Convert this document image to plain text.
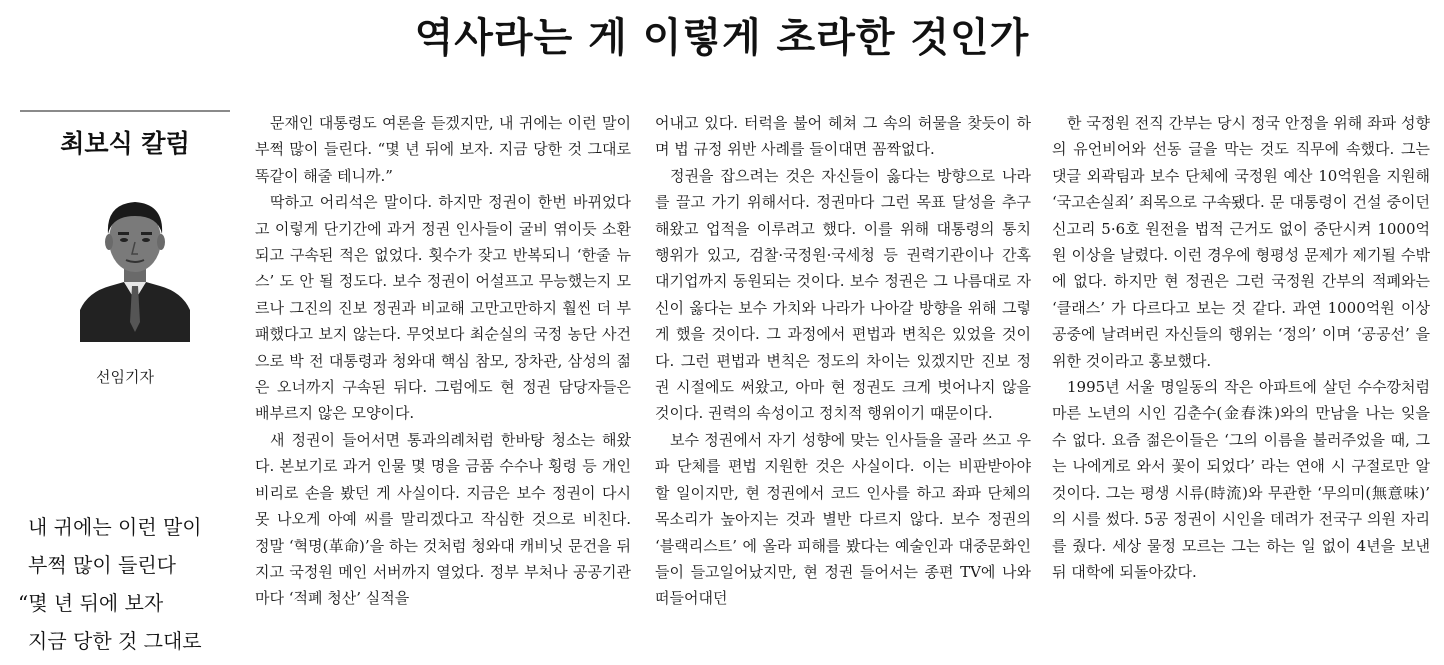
역사라는 게 이렇게 초라한 것인가
최보식 칼럼
선임기자
내 귀에는 이런 말이
부쩍 많이 들린다
“몇 년 뒤에 보자
지금 당한 것 그대로

문재인 대통령도 여론을 듣겠지만, 내 귀에는 이런 말이 부쩍 많이 들린다. “몇 년 뒤에 보자. 지금 당한 것 그대로 똑같이 해줄 테니까.”

딱하고 어리석은 말이다. 하지만 정권이 한번 바뀌었다고 이렇게 단기간에 과거 정권 인사들이 굴비 엮이듯 소환되고 구속된 적은 없었다. 횟수가 잦고 반복되니 ‘한줄 뉴스’ 도 안 될 정도다. 보수 정권이 어설프고 무능했는지 모르나 그진의 진보 정권과 비교해 고만고만하지 훨씬 더 부패했다고 보지 않는다. 무엇보다 최순실의 국정 농단 사건으로 박 전 대통령과 청와대 핵심 참모, 장차관, 삼성의 젊은 오너까지 구속된 뒤다. 그럼에도 현 정권 담당자들은 배부르지 않은 모양이다.

새 정권이 들어서면 통과의례처럼 한바탕 청소는 해왔다. 본보기로 과거 인물 몇 명을 금품 수수나 횡령 등 개인 비리로 손을 봤던 게 사실이다. 지금은 보수 정권이 다시 못 나오게 아예 씨를 말리겠다고 작심한 것으로 비친다. 정말 ‘혁명(革命)’을 하는 것처럼 청와대 캐비닛 문건을 뒤지고 국정원 메인 서버까지 열었다. 정부 부처나 공공기관마다 ‘적폐 청산’ 실적을

어내고 있다. 터럭을 불어 헤쳐 그 속의 허물을 찾듯이 하며 법 규정 위반 사례를 들이대면 꼼짝없다.

정권을 잡으려는 것은 자신들이 옳다는 방향으로 나라를 끌고 가기 위해서다. 정권마다 그런 목표 달성을 추구해왔고 업적을 이루려고 했다. 이를 위해 대통령의 통치 행위가 있고, 검찰·국정원·국세청 등 권력기관이나 간혹 대기업까지 동원되는 것이다. 보수 정권은 그 나름대로 자신이 옳다는 보수 가치와 나라가 나아갈 방향을 위해 그렇게 했을 것이다. 그 과정에서 편법과 변칙은 있었을 것이다. 그런 편법과 변칙은 정도의 차이는 있겠지만 진보 정권 시절에도 써왔고, 아마 현 정권도 크게 벗어나지 않을 것이다. 권력의 속성이고 정치적 행위이기 때문이다.

보수 정권에서 자기 성향에 맞는 인사들을 골라 쓰고 우파 단체를 편법 지원한 것은 사실이다. 이는 비판받아야 할 일이지만, 현 정권에서 코드 인사를 하고 좌파 단체의 목소리가 높아지는 것과 별반 다르지 않다. 보수 정권의 ‘블랙리스트’ 에 올라 피해를 봤다는 예술인과 대중문화인들이 들고일어났지만, 현 정권 들어서는 종편 TV에 나와 떠들어대던

한 국정원 전직 간부는 당시 정국 안정을 위해 좌파 성향의 유언비어와 선동 글을 막는 것도 직무에 속했다. 그는 댓글 외곽팀과 보수 단체에 국정원 예산 10억원을 지원해 ‘국고손실죄’ 죄목으로 구속됐다. 문 대통령이 건설 중이던 신고리 5·6호 원전을 법적 근거도 없이 중단시켜 1000억원 이상을 날렸다. 이런 경우에 형평성 문제가 제기될 수밖에 없다. 하지만 현 정권은 그런 국정원 간부의 적폐와는 ‘클래스’ 가 다르다고 보는 것 같다. 과연 1000억원 이상 공중에 날려버린 자신들의 행위는 ‘정의’ 이며 ‘공공선’ 을 위한 것이라고 홍보했다.

1995년 서울 명일동의 작은 아파트에 살던 수수깡처럼 마른 노년의 시인 김춘수(金春洙)와의 만남을 나는 잊을 수 없다. 요즘 젊은이들은 ‘그의 이름을 불러주었을 때, 그는 나에게로 와서 꽃이 되었다’ 라는 연애 시 구절로만 알 것이다. 그는 평생 시류(時流)와 무관한 ‘무의미(無意味)’ 의 시를 썼다. 5공 정권이 시인을 데려가 전국구 의원 자리를 줬다. 세상 물정 모르는 그는 하는 일 없이 4년을 보낸 뒤 대학에 되돌아갔다.
